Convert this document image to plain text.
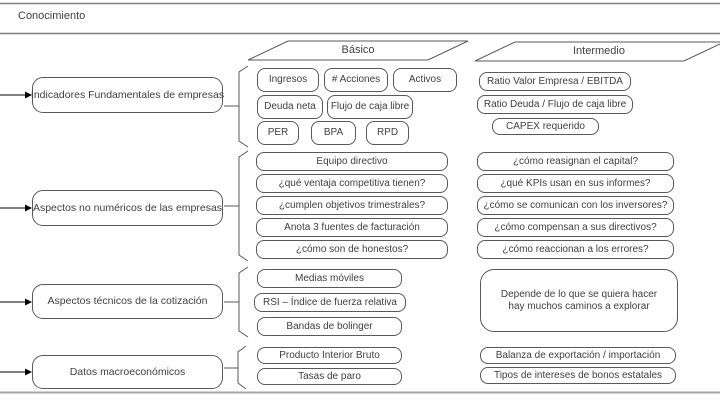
Conocimiento
Básico	Intermedio
Indicadores Fundamentales de empresas
Aspectos no numéricos de las empresas
Aspectos técnicos de la cotización
Datos macroeconómicos
Ingresos	# Acciones	Activos
Deuda neta	Flujo de caja libre
PER	BPA	RPD
Equipo directivo
¿qué ventaja competitiva tienen?
¿cumplen objetivos trimestrales?
Anota 3 fuentes de facturación
¿cómo son de honestos?
Medias móviles
RSI – Índice de fuerza relativa
Bandas de bolinger
Producto Interior Bruto
Tasas de paro
Ratio Valor Empresa / EBITDA
Ratio Deuda / Flujo de caja libre
CAPEX requerido
¿cómo reasignan el capital?
¿qué KPIs usan en sus informes?
¿cómo se comunican con los inversores?
¿cómo compensan a sus directivos?
¿cómo reaccionan a los errores?
Depende de lo que se quiera hacer hay muchos caminos a explorar
Balanza de exportación / importación
Tipos de intereses de bonos estatales
